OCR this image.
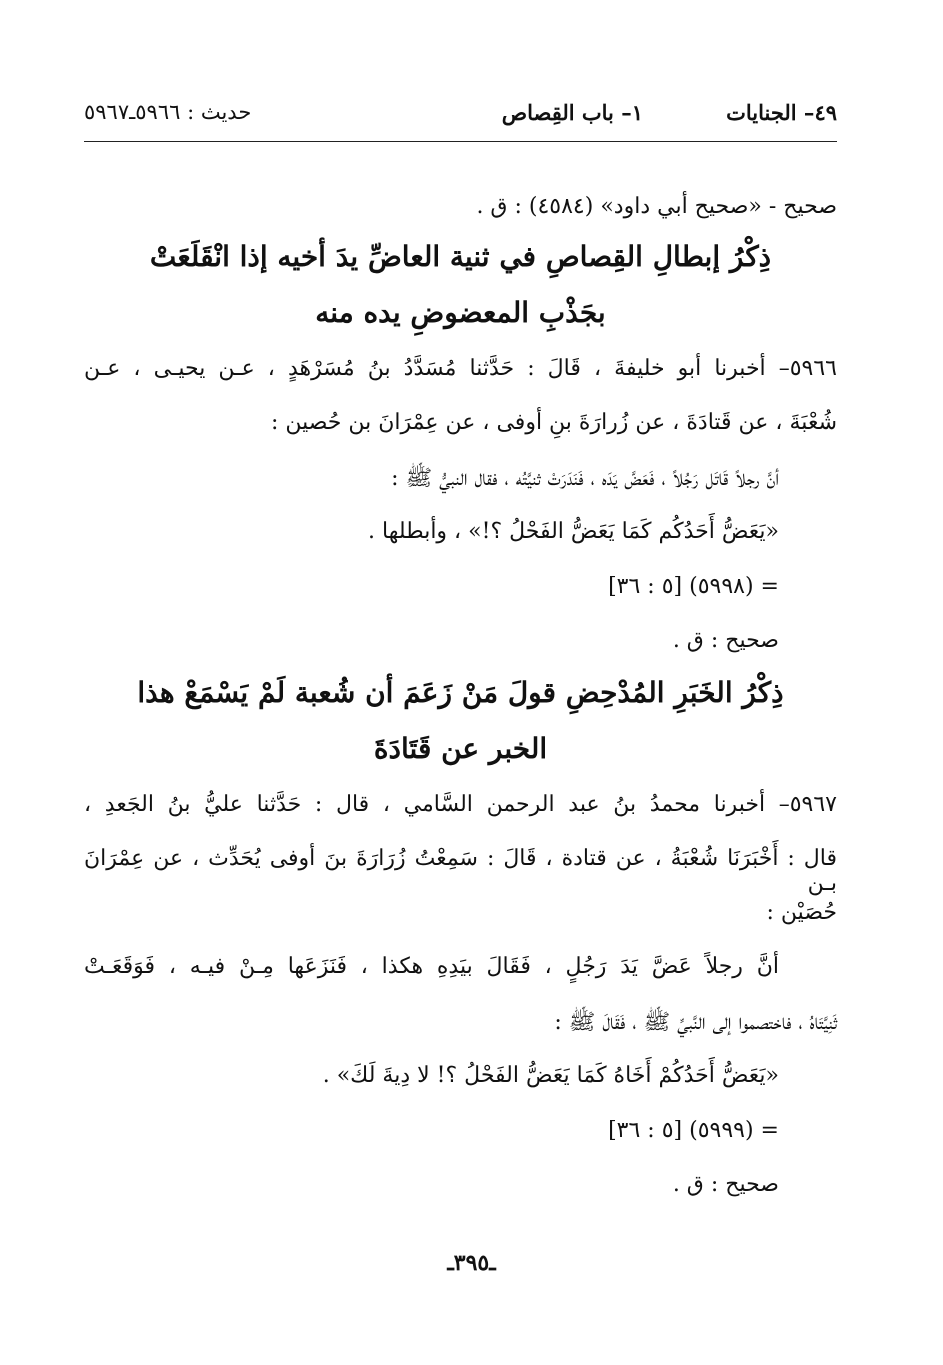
٤٩– الجنايات
١– باب القِصاص
حديث : ٥٩٦٦ـ٥٩٦٧
صحيح - «صحيح أبي داود» (٤٥٨٤) : ق .
ذِكْرُ إبطالِ القِصاصِ في ثنية العاضِّ يدَ أخيه إذا انْقَلَعَتْ
بجَذْبِ المعضوضِ يده منه
٥٩٦٦– أخبرنا أبو خليفةَ ، قَالَ : حَدَّثنا مُسَدَّدُ بنُ مُسَرْهَدٍ ، عـن يحيـى ، عـن
شُعْبَةَ ، عن قَتادَةَ ، عن زُرارَةَ بنِ أوفى ، عن عِمْرَانَ بن حُصين :
أنَّ رجلاً قَاتَل رَجُلاً ، فَعَضَّ يَدَه ، فَنَدَرَتْ ثنيَّتُه ، فقال النبيُّ ﷺ :
«يَعَضُّ أَحَدُكُم كَمَا يَعَضُّ الفَحْلُ ؟!» ، وأبطلها .
= (٥٩٩٨) [٥ : ٣٦]
صحيح : ق .
ذِكْرُ الخَبَرِ المُدْحِضِ قولَ مَنْ زَعَمَ أن شُعبة لَمْ يَسْمَعْ هذا
الخبر عن قَتَادَةَ
٥٩٦٧– أخبرنا محمدُ بنُ عبد الرحمن السَّامي ، قال : حَدَّثنا عليُّ بنُ الجَعدِ ،
قال : أَخْبَرَنَا شُعْبَةُ ، عن قتادة ، قَالَ : سَمِعْتُ زُرَارَةَ بنَ أوفى يُحَدِّث ، عن عِمْرَانَ بـن
حُصَيْن :
أنَّ رجلاً عَضَّ يَدَ رَجُلٍ ، فَقَالَ بيَدِهِ هكذا ، فَنَزَعَها مِـنْ فيـه ، فَوَقَعَـتْ
ثَنِيَّتَاهُ ، فاختصموا إلى النَّبيِّ ﷺ ، فَقَالَ ﷺ :
«يَعَضُّ أَحَدُكُمْ أَخَاهُ كَمَا يَعَضُّ الفَحْلُ ؟! لا دِيةَ لَكَ» .
= (٥٩٩٩) [٥ : ٣٦]
صحيح : ق .
ـ٣٩٥ـ
